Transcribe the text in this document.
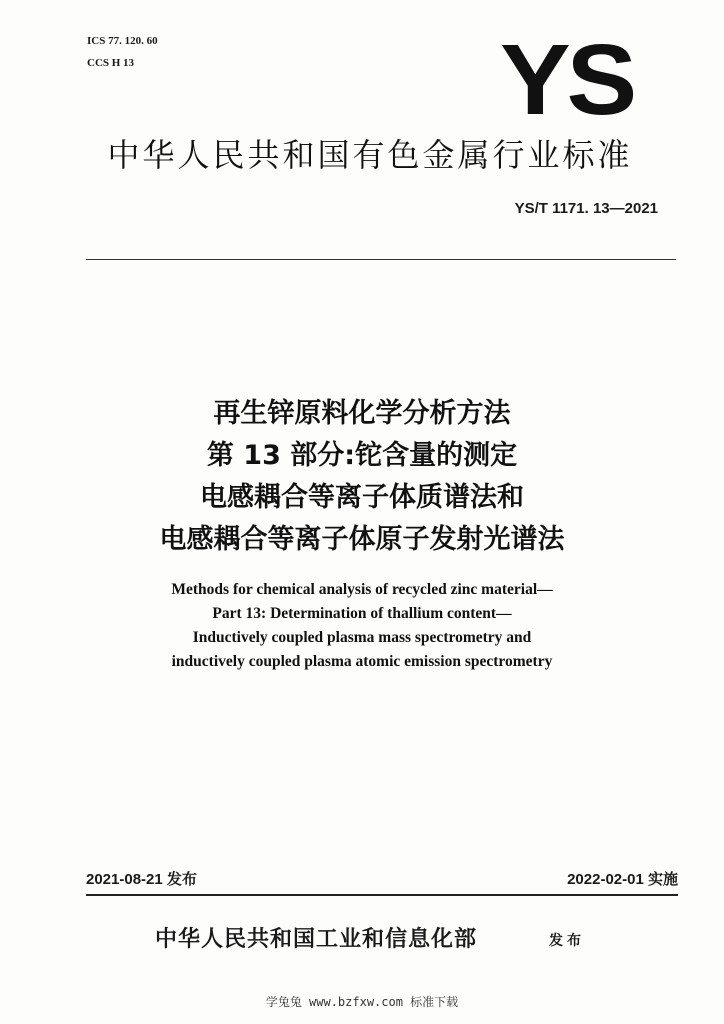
ICS 77. 120. 60
CCS H 13	YS
中华人民共和国有色金属行业标准
YS/T 1171. 13—2021
再生锌原料化学分析方法
第 13 部分:铊含量的测定
电感耦合等离子体质谱法和
电感耦合等离子体原子发射光谱法
Methods for chemical analysis of recycled zinc material—
Part 13: Determination of thallium content—
Inductively coupled plasma mass spectrometry and
inductively coupled plasma atomic emission spectrometry
2021-08-21 发布	2022-02-01 实施
中华人民共和国工业和信息化部	发布
学兔兔 www.bzfxw.com 标准下载
